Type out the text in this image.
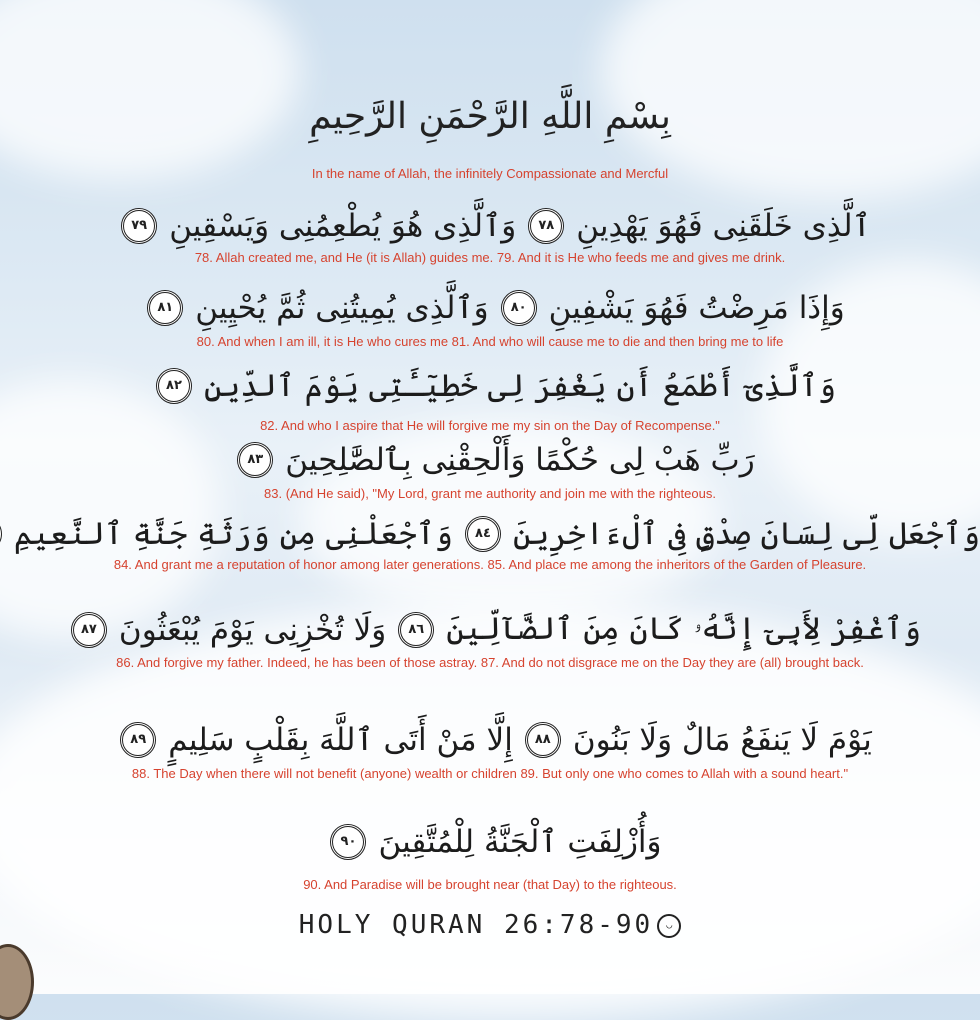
بِسْمِ اللَّهِ الرَّحْمَنِ الرَّحِيمِ
In the name of Allah, the infinitely Compassionate and Mercful
ٱلَّذِى خَلَقَنِى فَهُوَ يَهْدِينِ٧٨وَٱلَّذِى هُوَ يُطْعِمُنِى وَيَسْقِينِ٧٩
78. Allah created me, and He (it is Allah) guides me. 79. And it is He who feeds me and gives me drink.
وَإِذَا مَرِضْتُ فَهُوَ يَشْفِينِ٨٠وَٱلَّذِى يُمِيتُنِى ثُمَّ يُحْيِينِ٨١
80. And when I am ill, it is He who cures me 81. And who will cause me to die and then bring me to life
وَٱلَّذِىٓ أَطْمَعُ أَن يَغْفِرَ لِى خَطِيٓـَٔتِى يَوْمَ ٱلدِّينِ٨٢
82. And who I aspire that He will forgive me my sin on the Day of Recompense."
رَبِّ هَبْ لِى حُكْمًا وَأَلْحِقْنِى بِٱلصَّٰلِحِينَ٨٣
83. (And He said), "My Lord, grant me authority and join me with the righteous.
وَٱجْعَل لِّى لِسَانَ صِدْقٍ فِى ٱلْءَاخِرِينَ٨٤وَٱجْعَلْنِى مِن وَرَثَةِ جَنَّةِ ٱلنَّعِيمِ
84. And grant me a reputation of honor among later generations. 85. And place me among the inheritors of the Garden of Pleasure.
وَٱغْفِرْ لِأَبِىٓ إِنَّهُۥ كَانَ مِنَ ٱلضَّآلِّينَ٨٦وَلَا تُخْزِنِى يَوْمَ يُبْعَثُونَ٨٧
86. And forgive my father. Indeed, he has been of those astray. 87. And do not disgrace me on the Day they are (all) brought back.
يَوْمَ لَا يَنفَعُ مَالٌ وَلَا بَنُونَ٨٨إِلَّا مَنْ أَتَى ٱللَّهَ بِقَلْبٍ سَلِيمٍ٨٩
88. The Day when there will not benefit (anyone) wealth or children 89. But only one who comes to Allah with a sound heart."
وَأُزْلِفَتِ ٱلْجَنَّةُ لِلْمُتَّقِينَ٩٠
90. And Paradise will be brought near (that Day) to the righteous.
HOLY QURAN 26:78-90 ◡
